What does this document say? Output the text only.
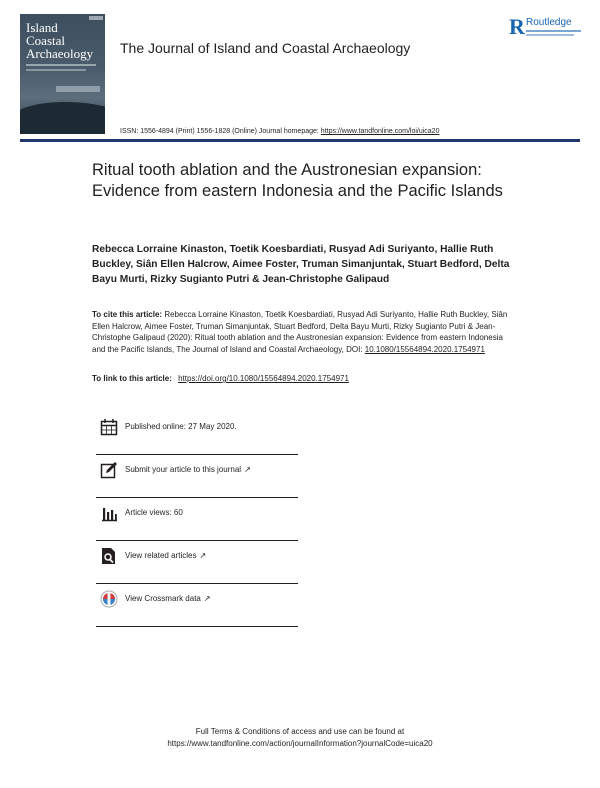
Island
Coastal
Archaeology The Journal of Island and Coastal Archaeology
R Routledge
ISSN: 1556-4894 (Print) 1556-1828 (Online) Journal homepage: https://www.tandfonline.com/loi/uica20
Ritual tooth ablation and the Austronesian expansion: Evidence from eastern Indonesia and the Pacific Islands
Rebecca Lorraine Kinaston, Toetik Koesbardiati, Rusyad Adi Suriyanto, Hallie Ruth Buckley, Siân Ellen Halcrow, Aimee Foster, Truman Simanjuntak, Stuart Bedford, Delta Bayu Murti, Rizky Sugianto Putri & Jean-Christophe Galipaud
To cite this article: Rebecca Lorraine Kinaston, Toetik Koesbardiati, Rusyad Adi Suriyanto, Hallie Ruth Buckley, Siân Ellen Halcrow, Aimee Foster, Truman Simanjuntak, Stuart Bedford, Delta Bayu Murti, Rizky Sugianto Putri & Jean-Christophe Galipaud (2020): Ritual tooth ablation and the Austronesian expansion: Evidence from eastern Indonesia and the Pacific Islands, The Journal of Island and Coastal Archaeology, DOI: 10.1080/15564894.2020.1754971
To link to this article: https://doi.org/10.1080/15564894.2020.1754971
Published online: 27 May 2020.
Submit your article to this journal ↗
Article views: 60
View related articles ↗
View Crossmark data ↗
Full Terms & Conditions of access and use can be found at
https://www.tandfonline.com/action/journalInformation?journalCode=uica20
